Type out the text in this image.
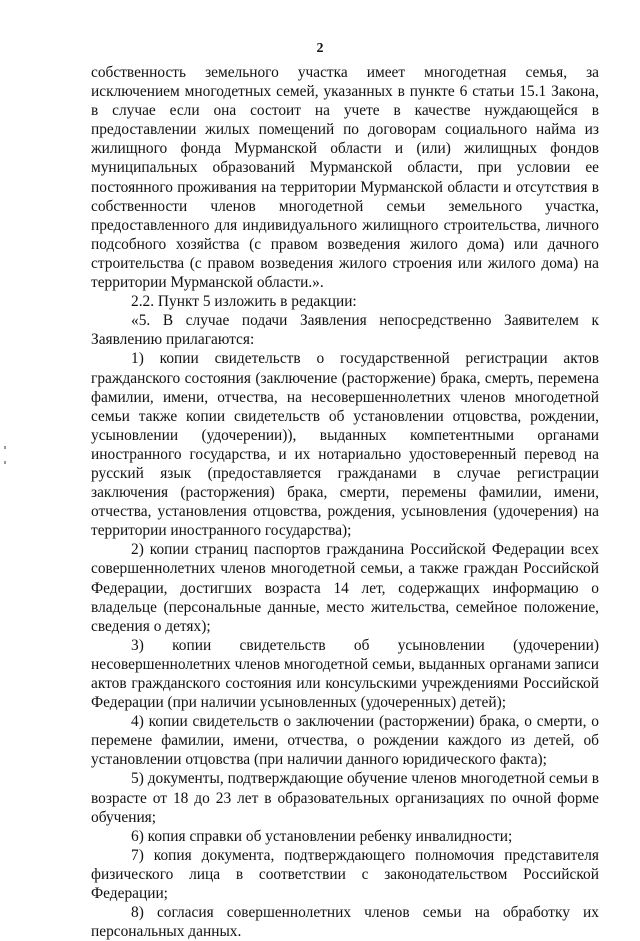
2

собственность земельного участка имеет многодетная семья, за исключением многодетных семей, указанных в пункте 6 статьи 15.1 Закона, в случае если она состоит на учете в качестве нуждающейся в предоставлении жилых помещений по договорам социального найма из жилищного фонда Мурманской области и (или) жилищных фондов муниципальных образований Мурманской области, при условии ее постоянного проживания на территории Мурманской области и отсутствия в собственности членов многодетной семьи земельного участка, предоставленного для индивидуального жилищного строительства, личного подсобного хозяйства (с правом возведения жилого дома) или дачного строительства (с правом возведения жилого строения или жилого дома) на территории Мурманской области.».

2.2. Пункт 5 изложить в редакции:

«5. В случае подачи Заявления непосредственно Заявителем к Заявлению прилагаются:

1) копии свидетельств о государственной регистрации актов гражданского состояния (заключение (расторжение) брака, смерть, перемена фамилии, имени, отчества, на несовершеннолетних членов многодетной семьи также копии свидетельств об установлении отцовства, рождении, усыновлении (удочерении)), выданных компетентными органами иностранного государства, и их нотариально удостоверенный перевод на русский язык (предоставляется гражданами в случае регистрации заключения (расторжения) брака, смерти, перемены фамилии, имени, отчества, установления отцовства, рождения, усыновления (удочерения) на территории иностранного государства);

2) копии страниц паспортов гражданина Российской Федерации всех совершеннолетних членов многодетной семьи, а также граждан Российской Федерации, достигших возраста 14 лет, содержащих информацию о владельце (персональные данные, место жительства, семейное положение, сведения о детях);

3) копии свидетельств об усыновлении (удочерении) несовершеннолетних членов многодетной семьи, выданных органами записи актов гражданского состояния или консульскими учреждениями Российской Федерации (при наличии усыновленных (удочеренных) детей);

4) копии свидетельств о заключении (расторжении) брака, о смерти, о перемене фамилии, имени, отчества, о рождении каждого из детей, об установлении отцовства (при наличии данного юридического факта);

5) документы, подтверждающие обучение членов многодетной семьи в возрасте от 18 до 23 лет в образовательных организациях по очной форме обучения;

6) копия справки об установлении ребенку инвалидности;

7) копия документа, подтверждающего полномочия представителя физического лица в соответствии с законодательством Российской Федерации;

8) согласия совершеннолетних членов семьи на обработку их персональных данных.
